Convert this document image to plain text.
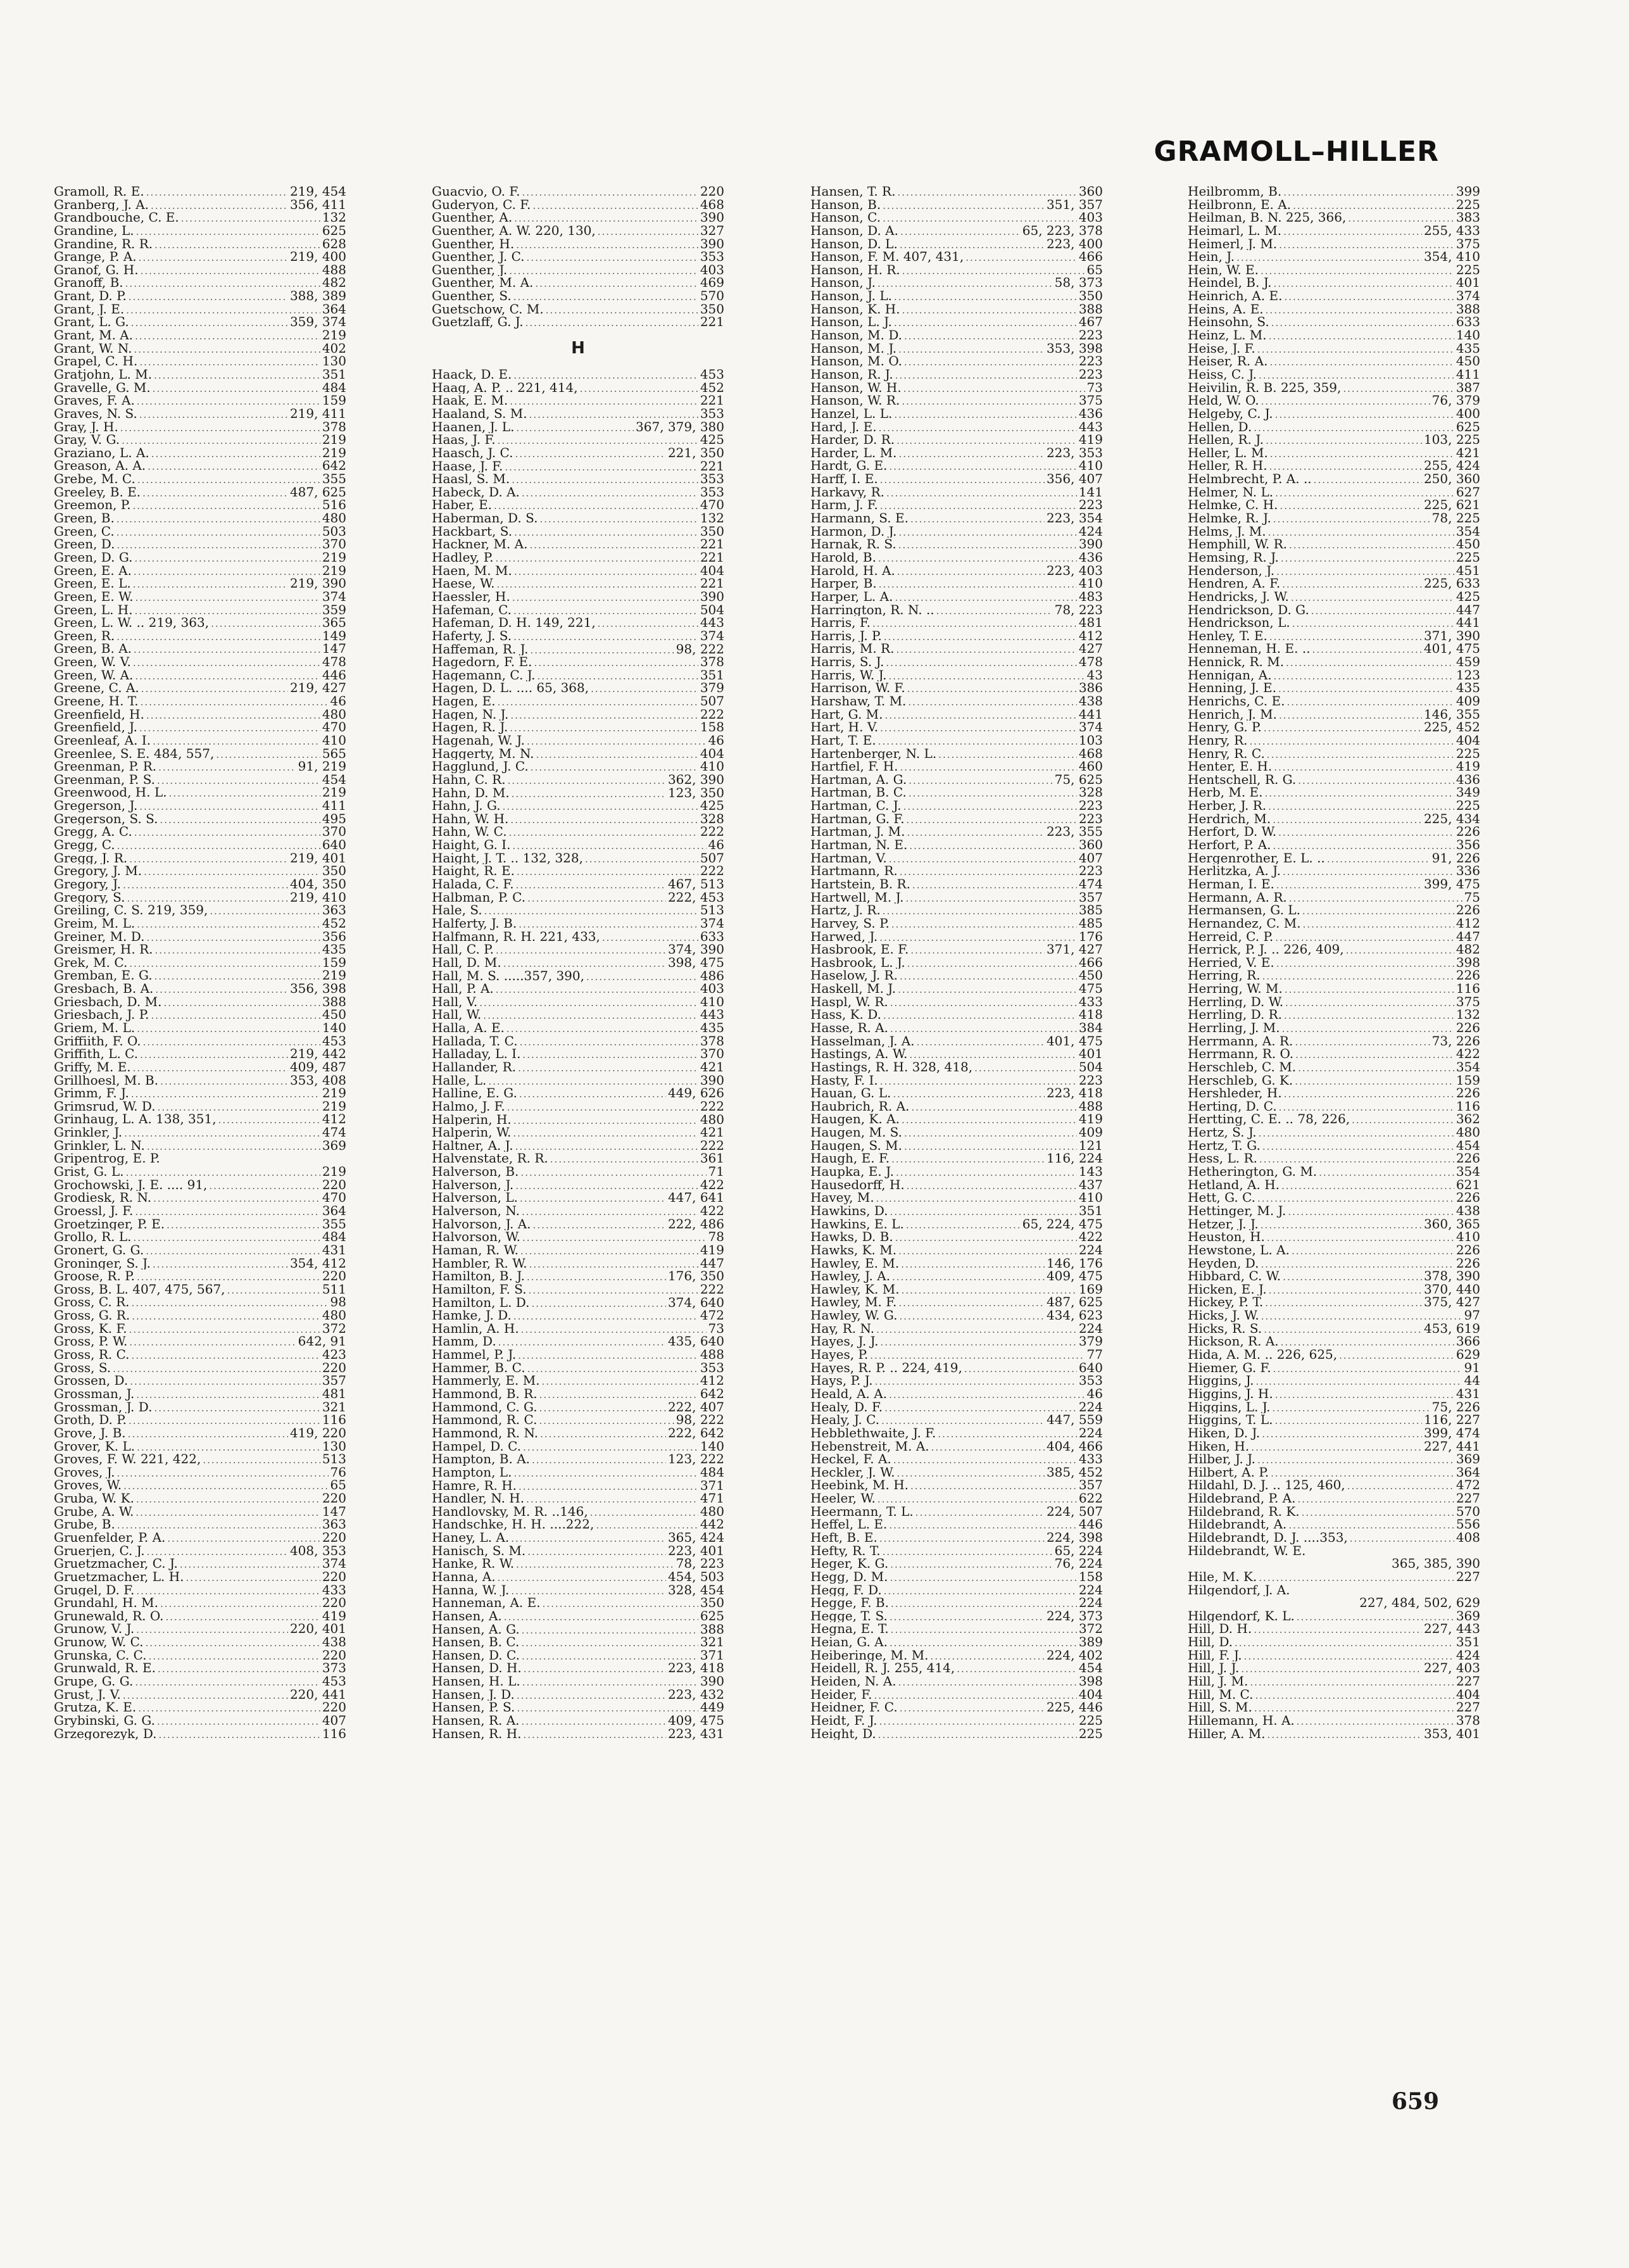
GRAMOLL–HILLER
Gramoll, R. E. .....	219, 454
Granberg, J. A. .....	356, 411
Grandbouche, C. E. .....	132
Grandine, L. .....	625
Grandine, R. R. .....	628
Grange, P. A. .....	219, 400
Granof, G. H. .....	488
Granoff, B. .....	482
Grant, D. P. .....	388, 389
Grant, J. E. .....	364
Grant, L. G. .....	359, 374
Grant, M. A. .....	219
Grant, W. N. .....	402
Grapel, C. H. .....	130
Gratjohn, L. M. .....	351
Gravelle, G. M. .....	484
Graves, F. A. .....	159
Graves, N. S. .....	219, 411
Gray, J. H. .....	378
Gray, V. G. .....	219
Graziano, L. A. .....	219
Greason, A. A. .....	642
Grebe, M. C. .....	355
Greeley, B. E. .....	487, 625
Greemon, P. .....	516
Green, B. .....	480
Green, C. .....	503
Green, D. .....	370
Green, D. G. .....	219
Green, E. A. .....	219
Green, E. L. .....	219, 390
Green, E. W. .....	374
Green, L. H. .....	359
Green, L. W. .. 219, 363, .....	365
Green, R. .....	149
Green, B. A. .....	147
Green, W. V. .....	478
Green, W. A. .....	446
Greene, C. A. .....	219, 427
Greene, H. T. .....	46
Greenfield, H. .....	480
Greenfield, J. .....	470
Greenleaf, A. I. .....	410
Greenlee, S. E. 484, 557, .....	565
Greenman, P. R. .....	91, 219
Greenman, P. S. .....	454
Greenwood, H. L. .....	219
Gregerson, J. .....	411
Gregerson, S. S. .....	495
Gregg, A. C. .....	370
Gregg, C. .....	640
Gregg, J. R. .....	219, 401
Gregory, J. M. .....	350
Gregory, J. .....	404, 350
Gregory, S. .....	219, 410
Greiling, C. S. 219, 359, .....	363
Greim, M. L. .....	452
Greiner, M. D. .....	356
Greismer, H. R. .....	435
Grek, M. C. .....	159
Gremban, E. G. .....	219
Gresbach, B. A. .....	356, 398
Griesbach, D. M. .....	388
Griesbach, J. P. .....	450
Griem, M. L. .....	140
Griffiith, F. O. .....	453
Griffith, L. C. .....	219, 442
Griffy, M. E. .....	409, 487
Grillhoesl, M. B. .....	353, 408
Grimm, F. J. .....	219
Grimsrud, W. D. .....	219
Grinhaug, L. A. 138, 351, .....	412
Grinkler, J. .....	474
Grinkler, L. N. .....	369
Gripentrog, E. P.
Grist, G. L. .....	219
Grochowski, J. E. .... 91, .....	220
Grodiesk, R. N. .....	470
Groessl, J. F. .....	364
Groetzinger, P. E. .....	355
Grollo, R. L. .....	484
Gronert, G. G. .....	431
Groninger, S. J. .....	354, 412
Groose, R. P. .....	220
Gross, B. L. 407, 475, 567, .....	511
Gross, C. R. .....	98
Gross, G. R. .....	480
Gross, K. F. .....	372
Gross, P. W. .....	642, 91
Gross, R. C. .....	423
Gross, S. .....	220
Grossen, D. .....	357
Grossman, J. .....	481
Grossman, J. D. .....	321
Groth, D. P. .....	116
Grove, J. B. .....	419, 220
Grover, K. L. .....	130
Groves, F. W. 221, 422, .....	513
Groves, J. .....	76
Groves, W. .....	65
Gruba, W. K. .....	220
Grube, A. W. .....	147
Grube, B. .....	363
Gruenfelder, P. A. .....	220
Gruerjen, C. J. .....	408, 353
Gruetzmacher, C. J. .....	374
Gruetzmacher, L. H. .....	220
Grugel, D. F. .....	433
Grundahl, H. M. .....	220
Grunewald, R. O. .....	419
Grunow, V. J. .....	220, 401
Grunow, W. C. .....	438
Grunska, C. C. .....	220
Grunwald, R. E. .....	373
Grupe, G. G. .....	453
Grust, J. V. .....	220, 441
Grutza, K. E. .....	220
Grybinski, G. G. .....	407
Grzegorezyk, D. .....	116
Guacvio, O. F. .....	220
Guderyon, C. F. .....	468
Guenther, A. .....	390
Guenther, A. W. 220, 130, .....	327
Guenther, H. .....	390
Guenther, J. C. .....	353
Guenther, J. .....	403
Guenther, M. A. .....	469
Guenther, S. .....	570
Guetschow, C. M. .....	350
Guetzlaff, G. J. .....	221
H
Haack, D. E. .....	453
Haag, A. P. .. 221, 414, .....	452
Haak, E. M. .....	221
Haaland, S. M. .....	353
Haanen, J. L. .....	367, 379, 380
Haas, J. F. .....	425
Haasch, J. C. .....	221, 350
Haase, J. F. .....	221
Haasl, S. M. .....	353
Habeck, D. A. .....	353
Haber, E. .....	470
Haberman, D. S. .....	132
Hackbart, S. .....	350
Hackner, M. A. .....	221
Hadley, P. .....	221
Haen, M. M. .....	404
Haese, W. .....	221
Haessler, H. .....	390
Hafeman, C. .....	504
Hafeman, D. H. 149, 221, .....	443
Haferty, J. S. .....	374
Haffeman, R. J. .....	98, 222
Hagedorn, F. E. .....	378
Hagemann, C. J. .....	351
Hagen, D. L. .... 65, 368, .....	379
Hagen, E. .....	507
Hagen, N. J. .....	222
Hagen, R. J. .....	158
Hagenah, W. J. .....	46
Haggerty, M. N. .....	404
Hagglund, J. C. .....	410
Hahn, C. R. .....	362, 390
Hahn, D. M. .....	123, 350
Hahn, J. G. .....	425
Hahn, W. H. .....	328
Hahn, W. C. .....	222
Haight, G. I. .....	46
Haight, J. T. .. 132, 328, .....	507
Haight, R. E. .....	222
Halada, C. F. .....	467, 513
Halbman, P. C. .....	222, 453
Hale, S. .....	513
Halferty, J. B. .....	374
Halfmann, R. H. 221, 433, .....	633
Hall, C. P. .....	374, 390
Hall, D. M. .....	398, 475
Hall, M. S. .....357, 390, .....	486
Hall, P. A. .....	403
Hall, V. .....	410
Hall, W. .....	443
Halla, A. E. .....	435
Hallada, T. C. .....	378
Halladay, L. I. .....	370
Hallander, R. .....	421
Halle, L. .....	390
Halline, E. G. .....	449, 626
Halmo, J. F. .....	222
Halperin, H. .....	480
Halperin, W. .....	421
Haltner, A. J. .....	222
Halvenstate, R. R. .....	361
Halverson, B. .....	71
Halverson, J. .....	422
Halverson, L. .....	447, 641
Halverson, N. .....	422
Halvorson, J. A. .....	222, 486
Halvorson, W. .....	78
Haman, R. W. .....	419
Hambler, R. W. .....	447
Hamilton, B. J. .....	176, 350
Hamilton, F. S. .....	222
Hamilton, L. D. .....	374, 640
Hamke, J. D. .....	472
Hamlin, A. H. .....	73
Hamm, D. .....	435, 640
Hammel, P. J. .....	488
Hammer, B. C. .....	353
Hammerly, E. M. .....	412
Hammond, B. R. .....	642
Hammond, C. G. .....	222, 407
Hammond, R. C. .....	98, 222
Hammond, R. N. .....	222, 642
Hampel, D. C. .....	140
Hampton, B. A. .....	123, 222
Hampton, L. .....	484
Hamre, R. H. .....	371
Handler, N. H. .....	471
Handlovsky, M. R. ..146, .....	480
Handschke, H. H. ....222, .....	442
Haney, L. A. .....	365, 424
Hanisch, S. M. .....	223, 401
Hanke, R. W. .....	78, 223
Hanna, A. .....	454, 503
Hanna, W. J. .....	328, 454
Hanneman, A. E. .....	350
Hansen, A. .....	625
Hansen, A. G. .....	388
Hansen, B. C. .....	321
Hansen, D. C. .....	371
Hansen, D. H. .....	223, 418
Hansen, H. L. .....	390
Hansen, J. D. .....	223, 432
Hansen, P. S. .....	449
Hansen, R. A. .....	409, 475
Hansen, R. H. .....	223, 431
Hansen, T. R. .....	360
Hanson, B. .....	351, 357
Hanson, C. .....	403
Hanson, D. A. .....	65, 223, 378
Hanson, D. L. .....	223, 400
Hanson, F. M. 407, 431, .....	466
Hanson, H. R. .....	65
Hanson, J. .....	58, 373
Hanson, J. L. .....	350
Hanson, K. H. .....	388
Hanson, L. J. .....	467
Hanson, M. D. .....	223
Hanson, M. J. .....	353, 398
Hanson, M. O. .....	223
Hanson, R. J. .....	223
Hanson, W. H. .....	73
Hanson, W. R. .....	375
Hanzel, L. L. .....	436
Hard, J. E. .....	443
Harder, D. R. .....	419
Harder, L. M. .....	223, 353
Hardt, G. E. .....	410
Harff, I. E. .....	356, 407
Harkavy, R. .....	141
Harm, J. F. .....	223
Harmann, S. E. .....	223, 354
Harmon, D. J. .....	424
Harnak, R. S. .....	390
Harold, B. .....	436
Harold, H. A. .....	223, 403
Harper, B. .....	410
Harper, L. A. .....	483
Harrington, R. N. .. .....	78, 223
Harris, F. .....	481
Harris, J. P. .....	412
Harris, M. R. .....	427
Harris, S. J. .....	478
Harris, W. J. .....	43
Harrison, W. F. .....	386
Harshaw, T. M. .....	438
Hart, G. M. .....	441
Hart, H. V. .....	374
Hart, T. E. .....	103
Hartenberger, N. L. .....	468
Hartfiel, F. H. .....	460
Hartman, A. G. .....	75, 625
Hartman, B. C. .....	328
Hartman, C. J. .....	223
Hartman, G. F. .....	223
Hartman, J. M. .....	223, 355
Hartman, N. E. .....	360
Hartman, V. .....	407
Hartmann, R. .....	223
Hartstein, B. R. .....	474
Hartwell, M. J. .....	357
Hartz, J. R. .....	385
Harvey, S. P. .....	485
Harwed, J. .....	176
Hasbrook, E. F. .....	371, 427
Hasbrook, L. J. .....	466
Haselow, J. R. .....	450
Haskell, M. J. .....	475
Haspl, W. R. .....	433
Hass, K. D. .....	418
Hasse, R. A. .....	384
Hasselman, J. A. .....	401, 475
Hastings, A. W. .....	401
Hastings, R. H. 328, 418, .....	504
Hasty, F. I. .....	223
Hauan, G. L. .....	223, 418
Haubrich, R. A. .....	488
Haugen, K. A. .....	419
Haugen, M. S. .....	409
Haugen, S. M. .....	121
Haugh, E. F. .....	116, 224
Haupka, E. J. .....	143
Hausedorff, H. .....	437
Havey, M. .....	410
Hawkins, D. .....	351
Hawkins, E. L. .....	65, 224, 475
Hawks, D. B. .....	422
Hawks, K. M. .....	224
Hawley, E. M. .....	146, 176
Hawley, J. A. .....	409, 475
Hawley, K. M. .....	169
Hawley, M. F. .....	487, 625
Hawley, W. G. .....	434, 623
Hay, R. N. .....	224
Hayes, J. J. .....	379
Hayes, P. .....	77
Hayes, R. P. .. 224, 419, .....	640
Hays, P. J. .....	353
Heald, A. A. .....	46
Healy, D. F. .....	224
Healy, J. C. .....	447, 559
Hebblethwaite, J. F. .....	224
Hebenstreit, M. A. .....	404, 466
Heckel, F. A. .....	433
Heckler, J. W. .....	385, 452
Heebink, M. H. .....	357
Heeler, W. .....	622
Heermann, T. L. .....	224, 507
Heffel, L. E. .....	446
Heft, B. E. .....	224, 398
Hefty, R. T. .....	65, 224
Heger, K. G. .....	76, 224
Hegg, D. M. .....	158
Hegg, F. D. .....	224
Hegge, F. B. .....	224
Hegge, T. S. .....	224, 373
Hegna, E. T. .....	372
Heian, G. A. .....	389
Heiberinge, M. M. .....	224, 402
Heidell, R. J. 255, 414, .....	454
Heiden, N. A. .....	398
Heider, F. .....	404
Heidner, F. C. .....	225, 446
Heidt, F. J. .....	225
Height, D. .....	225
Heilbromm, B. .....	399
Heilbronn, E. A. .....	225
Heilman, B. N. 225, 366, .....	383
Heimarl, L. M. .....	255, 433
Heimerl, J. M. .....	375
Hein, J. .....	354, 410
Hein, W. E. .....	225
Heindel, B. J. .....	401
Heinrich, A. E. .....	374
Heins, A. E. .....	388
Heinsohn, S. .....	633
Heinz, L. M. .....	140
Heise, J. F. .....	435
Heiser, R. A. .....	450
Heiss, C. J. .....	411
Heivilin, R. B. 225, 359, .....	387
Held, W. O. .....	76, 379
Helgeby, C. J. .....	400
Hellen, D. .....	625
Hellen, R. J. .....	103, 225
Heller, L. M. .....	421
Heller, R. H. .....	255, 424
Helmbrecht, P. A. .. .....	250, 360
Helmer, N. L. .....	627
Helmke, C. H. .....	225, 621
Helmke, R. J. .....	78, 225
Helms, J. M. .....	354
Hemphill, W. R. .....	450
Hemsing, R. J. .....	225
Henderson, J. .....	451
Hendren, A. F. .....	225, 633
Hendricks, J. W. .....	425
Hendrickson, D. G. .....	447
Hendrickson, L. .....	441
Henley, T. E. .....	371, 390
Henneman, H. E. .. .....	401, 475
Hennick, R. M. .....	459
Hennigan, A. .....	123
Henning, J. E. .....	435
Henrichs, C. E. .....	409
Henrich, J. M. .....	146, 355
Henry, G. P. .....	225, 452
Henry, R. .....	404
Henry, R. C. .....	225
Henter, E. H. .....	419
Hentschell, R. G. .....	436
Herb, M. E. .....	349
Herber, J. R. .....	225
Herdrich, M. .....	225, 434
Herfort, D. W. .....	226
Herfort, P. A. .....	356
Hergenrother, E. L. .. .....	91, 226
Herlitzka, A. J. .....	336
Herman, I. E. .....	399, 475
Hermann, A. R. .....	75
Hermansen, G. L. .....	226
Hernandez, C. M. .....	412
Herreid, C. P. .....	447
Herrick, P. J. .. 226, 409, .....	482
Herried, V. E. .....	398
Herring, R. .....	226
Herring, W. M. .....	116
Herrling, D. W. .....	375
Herrling, D. R. .....	132
Herrling, J. M. .....	226
Herrmann, A. R. .....	73, 226
Herrmann, R. O. .....	422
Herschleb, C. M. .....	354
Herschleb, G. K. .....	159
Hershleder, H. .....	226
Herting, D. C. .....	116
Hertting, C. E. .. 78, 226, .....	362
Hertz, S. J. .....	480
Hertz, T. G. .....	454
Hess, L. R. .....	226
Hetherington, G. M. .....	354
Hetland, A. H. .....	621
Hett, G. C. .....	226
Hettinger, M. J. .....	438
Hetzer, J. J. .....	360, 365
Heuston, H. .....	410
Hewstone, L. A. .....	226
Heyden, D. .....	226
Hibbard, C. W. .....	378, 390
Hicken, E. J. .....	370, 440
Hickey, P. T. .....	375, 427
Hicks, J. W. .....	97
Hicks, R. S. .....	453, 619
Hickson, R. A. .....	366
Hida, A. M. .. 226, 625, .....	629
Hiemer, G. F. .....	91
Higgins, J. .....	44
Higgins, J. H. .....	431
Higgins, L. J. .....	75, 226
Higgins, T. L. .....	116, 227
Hiken, D. J. .....	399, 474
Hiken, H. .....	227, 441
Hilber, J. J. .....	369
Hilbert, A. P. .....	364
Hildahl, D. J. .. 125, 460, .....	472
Hildebrand, P. A. .....	227
Hildebrand, R. K. .....	570
Hildebrandt, A. .....	556
Hildebrandt, D. J. ....353, .....	408
Hildebrandt, W. E.
365, 385, 390
Hile, M. K. .....	227
Hilgendorf, J. A.
227, 484, 502, 629
Hilgendorf, K. L. .....	369
Hill, D. H. .....	227, 443
Hill, D. .....	351
Hill, F. J. .....	424
Hill, J. J. .....	227, 403
Hill, J. M. .....	227
Hill, M. C. .....	404
Hill, S. M. .....	227
Hillemann, H. A. .....	378
Hiller, A. M. .....	353, 401
659
